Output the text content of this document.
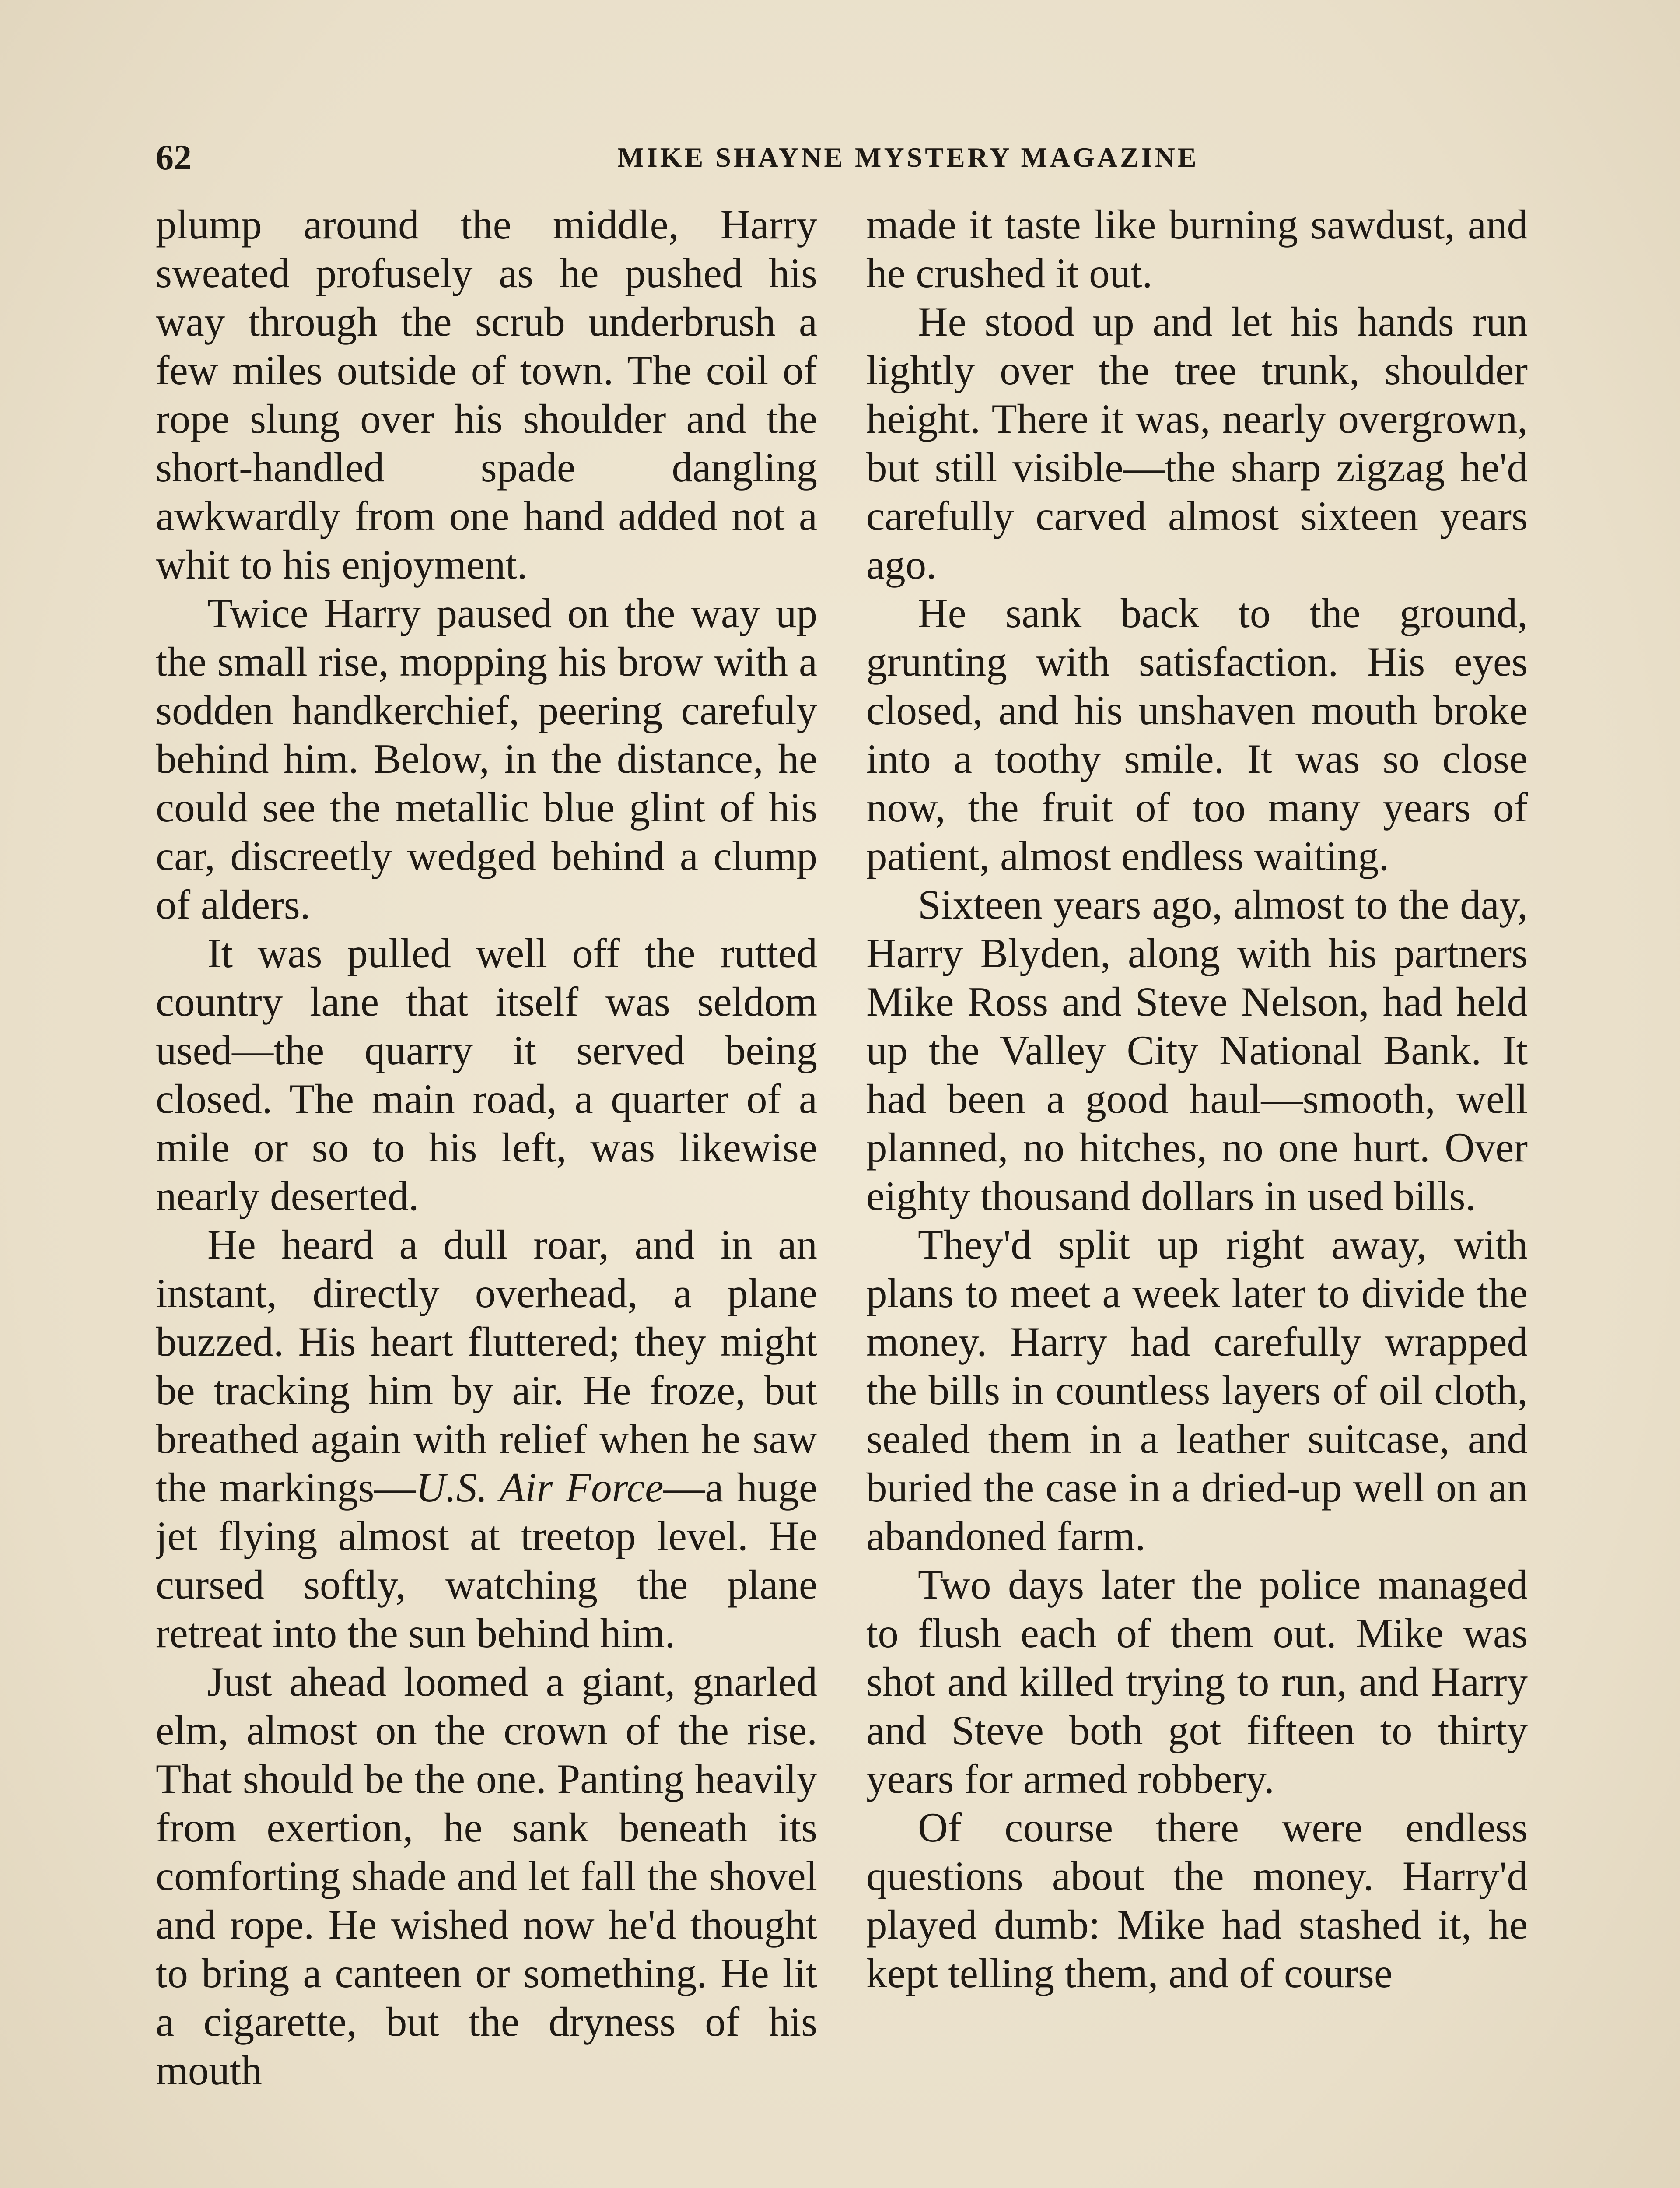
62	MIKE SHAYNE MYSTERY MAGAZINE

plump around the middle, Harry sweated profusely as he pushed his way through the scrub underbrush a few miles outside of town. The coil of rope slung over his shoulder and the short-handled spade dangling awkwardly from one hand added not a whit to his enjoyment.

Twice Harry paused on the way up the small rise, mopping his brow with a sodden handkerchief, peering carefuly behind him. Below, in the distance, he could see the metallic blue glint of his car, discreetly wedged behind a clump of alders.

It was pulled well off the rutted country lane that itself was seldom used—the quarry it served being closed. The main road, a quarter of a mile or so to his left, was likewise nearly deserted.

He heard a dull roar, and in an instant, directly overhead, a plane buzzed. His heart fluttered; they might be tracking him by air. He froze, but breathed again with relief when he saw the markings—U.S. Air Force—a huge jet flying almost at treetop level. He cursed softly, watching the plane retreat into the sun behind him.

Just ahead loomed a giant, gnarled elm, almost on the crown of the rise. That should be the one. Panting heavily from exertion, he sank beneath its comforting shade and let fall the shovel and rope. He wished now he'd thought to bring a canteen or something. He lit a cigarette, but the dryness of his mouth

made it taste like burning sawdust, and he crushed it out.

He stood up and let his hands run lightly over the tree trunk, shoulder height. There it was, nearly overgrown, but still visible—the sharp zigzag he'd carefully carved almost sixteen years ago.

He sank back to the ground, grunting with satisfaction. His eyes closed, and his unshaven mouth broke into a toothy smile. It was so close now, the fruit of too many years of patient, almost endless waiting.

Sixteen years ago, almost to the day, Harry Blyden, along with his partners Mike Ross and Steve Nelson, had held up the Valley City National Bank. It had been a good haul—smooth, well planned, no hitches, no one hurt. Over eighty thousand dollars in used bills.

They'd split up right away, with plans to meet a week later to divide the money. Harry had carefully wrapped the bills in countless layers of oil cloth, sealed them in a leather suitcase, and buried the case in a dried-up well on an abandoned farm.

Two days later the police managed to flush each of them out. Mike was shot and killed trying to run, and Harry and Steve both got fifteen to thirty years for armed robbery.

Of course there were endless questions about the money. Harry'd played dumb: Mike had stashed it, he kept telling them, and of course
